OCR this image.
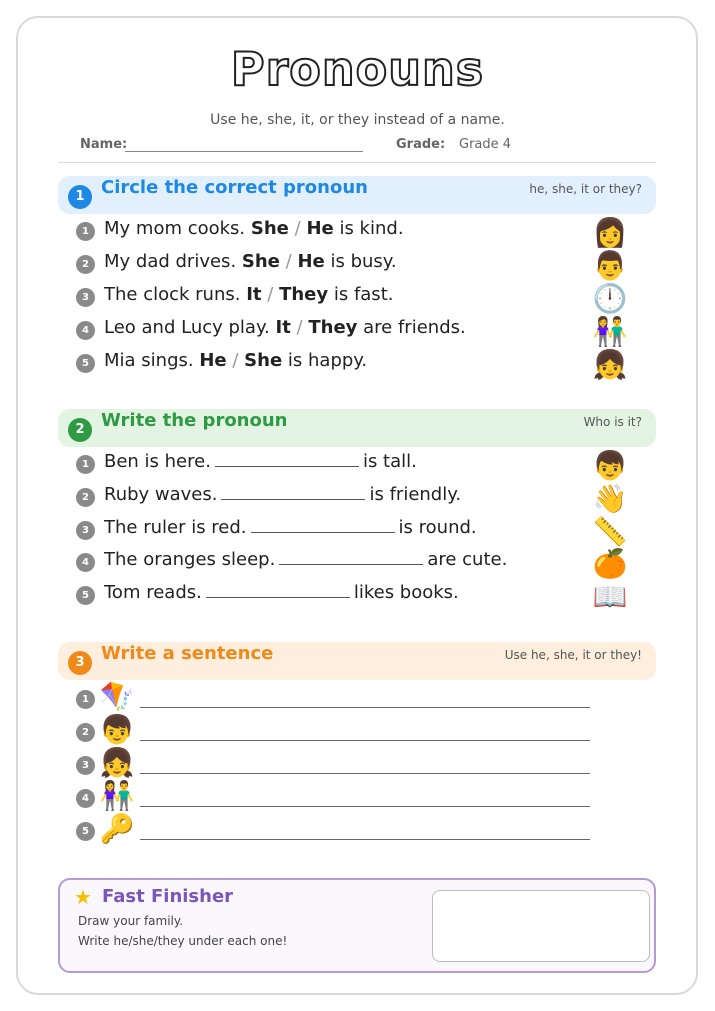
Pronouns
Use he, she, it, or they instead of a name.
Name:	Grade: Grade 4
1 Circle the correct pronoun	he, she, it or they?
1 My mom cooks. She / He is kind.	👩
2 My dad drives. She / He is busy.	👨
3 The clock runs. It / They is fast.	🕛
4 Leo and Lucy play. It / They are friends.	👫
5 Mia sings. He / She is happy.	👧
2 Write the pronoun	Who is it?
1 Ben is here.	is tall.	👦
2 Ruby waves.	is friendly.	👋
3 The ruler is red.	is round.	📏
4 The oranges sleep.	are cute.	🍊
5 Tom reads.	likes books.	📖
3 Write a sentence	Use he, she, it or they!
1 🪁
2 👦
3 👧
4 👫
5 🔑
★ Fast Finisher
Draw your family.
Write he/she/they under each one!
